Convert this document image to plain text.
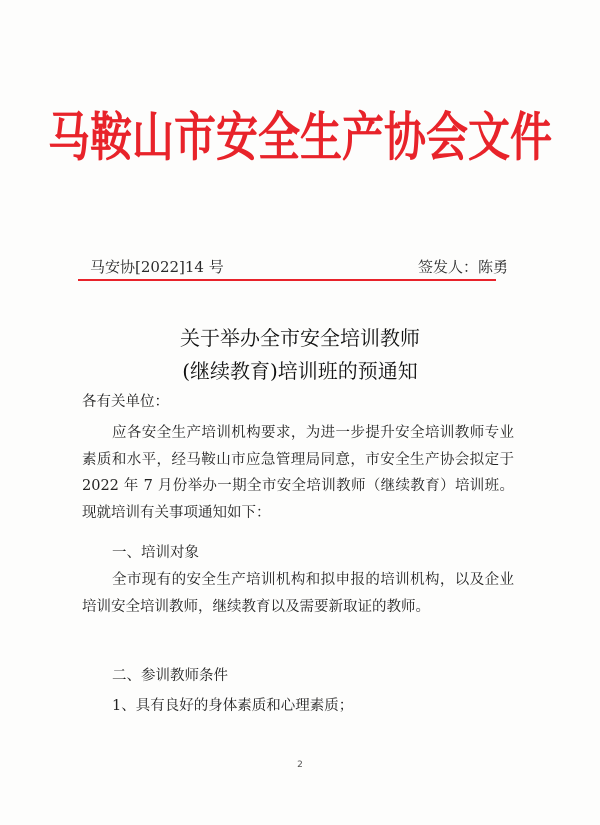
马鞍山市安全生产协会文件
马安协[2022]14 号	签发人：陈勇
关于举办全市安全培训教师
(继续教育)培训班的预通知
各有关单位：
应各安全生产培训机构要求，为进一步提升安全培训教师专业素质和水平，经马鞍山市应急管理局同意，市安全生产协会拟定于 2022 年 7 月份举办一期全市安全培训教师（继续教育）培训班。现就培训有关事项通知如下：
一、培训对象
全市现有的安全生产培训机构和拟申报的培训机构，以及企业培训安全培训教师，继续教育以及需要新取证的教师。
二、参训教师条件
1、具有良好的身体素质和心理素质；
2
